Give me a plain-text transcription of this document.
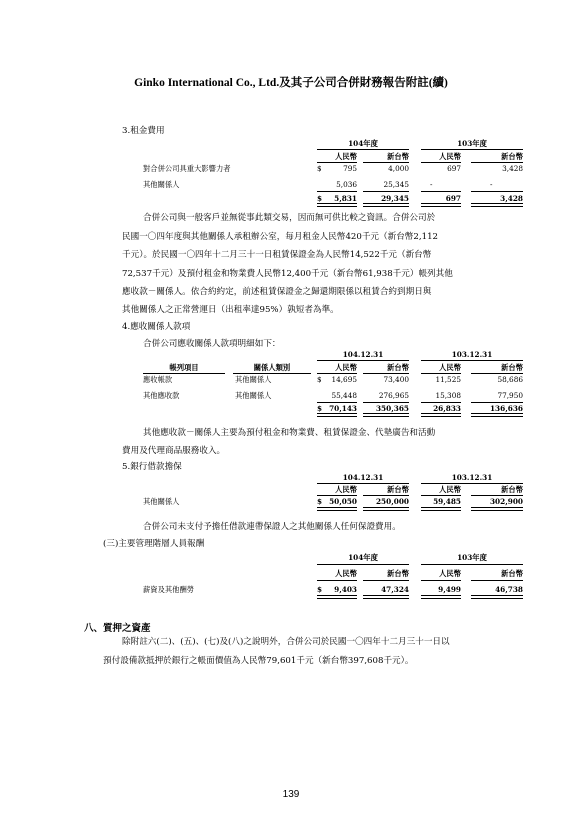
Ginko International Co., Ltd.及其子公司合併財務報告附註(續)
3.租金費用
104年度	103年度
人民幣	新台幣	人民幣	新台幣
對合併公司具重大影響力者	$	795	4,000	697	3,428
其他關係人	5,036	25,345	-	-
$	5,831	29,345	697	3,428
合併公司與一般客戶並無從事此類交易，因而無可供比較之資訊。合併公司於
民國一〇四年度與其他關係人承租辦公室，每月租金人民幣420千元（新台幣2,112
千元）。於民國一〇四年十二月三十一日租賃保證金為人民幣14,522千元（新台幣
72,537千元）及預付租金和物業費人民幣12,400千元（新台幣61,938千元）帳列其他
應收款－關係人。依合約約定，前述租賃保證金之歸還期限係以租賃合約到期日與
其他關係人之正常營運日（出租率達95%）孰短者為準。
4.應收關係人款項
合併公司應收關係人款項明細如下：
104.12.31	103.12.31
帳列項目	關係人類別	人民幣	新台幣	人民幣	新台幣
應收帳款	其他關係人	$	14,695	73,400	11,525	58,686
其他應收款	其他關係人	55,448	276,965	15,308	77,950
$ 70,143	350,365	26,833	136,636
其他應收款－關係人主要為預付租金和物業費、租賃保證金、代墊廣告和活動
費用及代理商品服務收入。
5.銀行借款擔保
104.12.31	103.12.31
人民幣	新台幣	人民幣	新台幣
其他關係人	$ 50,050	250,000	59,485	302,900
合併公司未支付予擔任借款連帶保證人之其他關係人任何保證費用。
(三)主要管理階層人員報酬
104年度	103年度
人民幣	新台幣	人民幣	新台幣
薪資及其他酬勞	$	9,403	47,324	9,499	46,738
八、質押之資產
除附註六(二)、(五)、(七)及(八)之說明外，合併公司於民國一〇四年十二月三十一日以
預付設備款抵押於銀行之帳面價值為人民幣79,601千元（新台幣397,608千元）。
139
